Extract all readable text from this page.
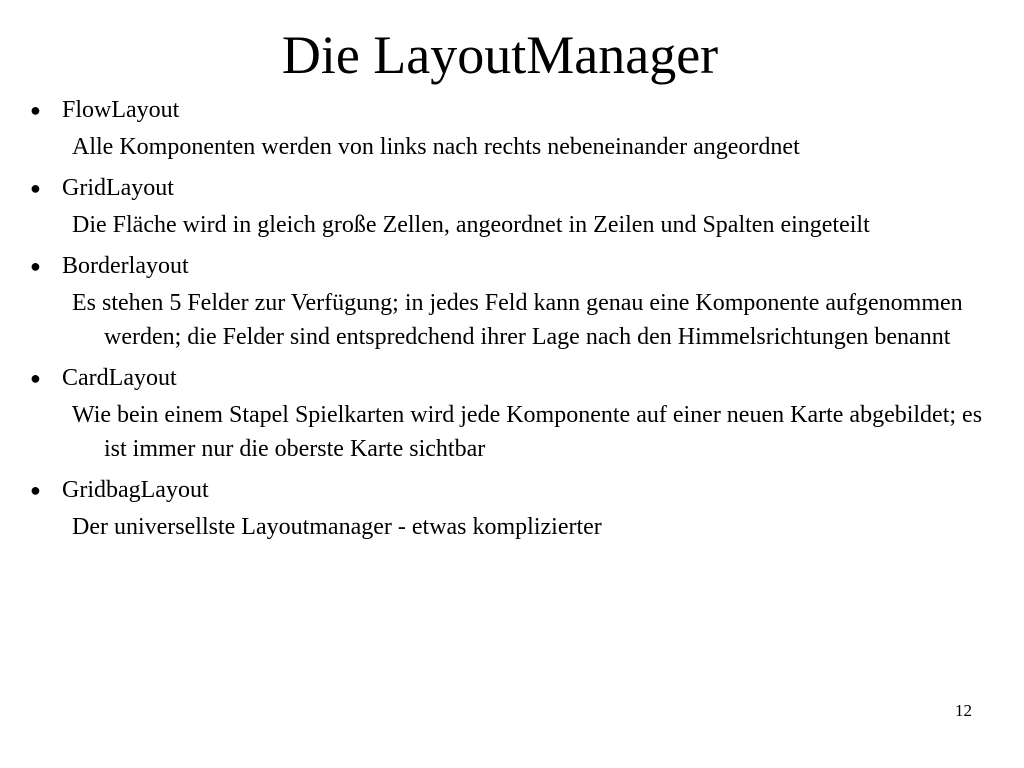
Die LayoutManager

● FlowLayout

Alle Komponenten werden von links nach rechts nebeneinander angeordnet

● GridLayout

Die Fläche wird in gleich große Zellen, angeordnet in Zeilen und Spalten eingeteilt

● Borderlayout

Es stehen 5 Felder zur Verfügung; in jedes Feld kann genau eine Komponente aufgenommen werden; die Felder sind entspredchend ihrer Lage nach den Himmelsrichtungen benannt

● CardLayout

Wie bein einem Stapel Spielkarten wird jede Komponente auf einer neuen Karte abgebildet; es ist immer nur die oberste Karte sichtbar

● GridbagLayout

Der universellste Layoutmanager - etwas komplizierter

12
